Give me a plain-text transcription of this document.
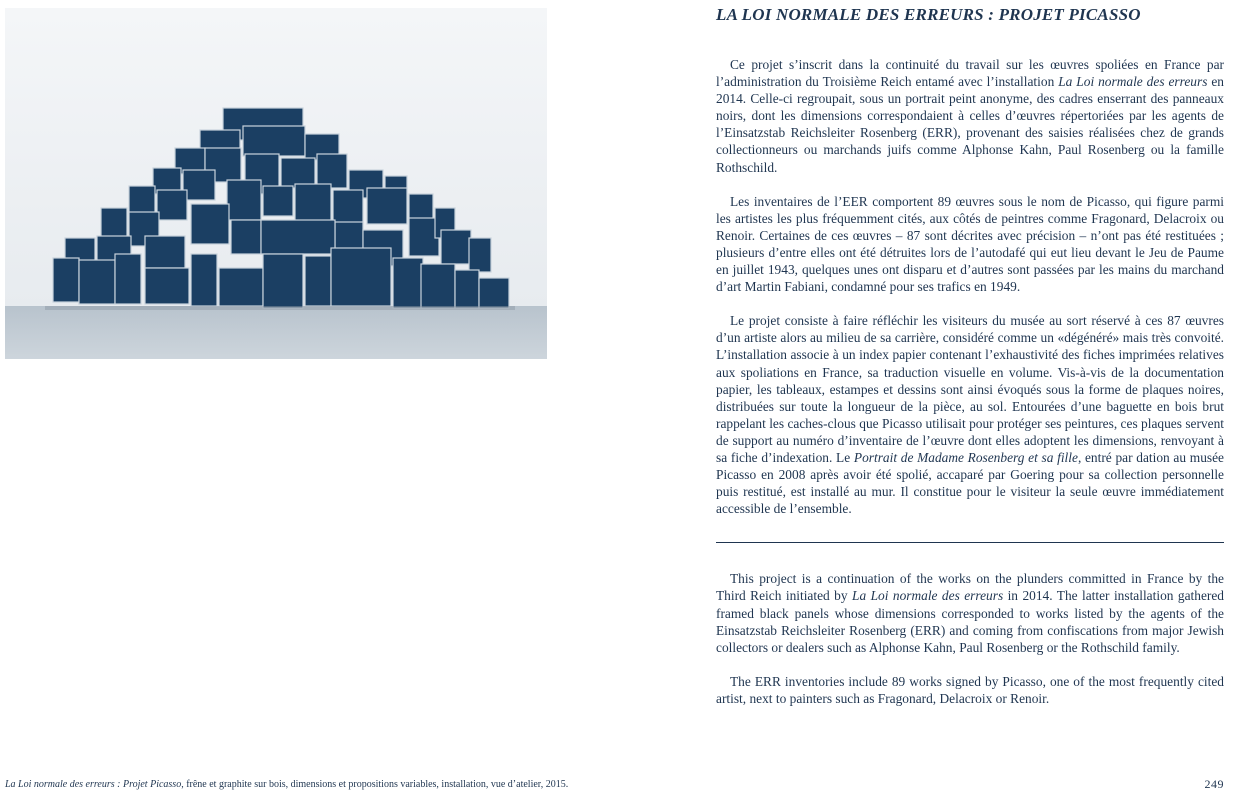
LA LOI NORMALE DES ERREURS : PROJET PICASSO

Ce projet s’inscrit dans la continuité du travail sur les œuvres spoliées en France par l’administration du Troisième Reich entamé avec l’installation La Loi normale des erreurs en 2014. Celle-ci regroupait, sous un portrait peint anonyme, des cadres enserrant des panneaux noirs, dont les dimensions correspondaient à celles d’œuvres répertoriées par les agents de l’Einsatzstab Reichsleiter Rosenberg (ERR), provenant des saisies réalisées chez de grands collectionneurs ou marchands juifs comme Alphonse Kahn, Paul Rosenberg ou la famille Rothschild.

Les inventaires de l’EER comportent 89 œuvres sous le nom de Picasso, qui figure parmi les artistes les plus fréquemment cités, aux côtés de peintres comme Fragonard, Delacroix ou Renoir. Certaines de ces œuvres – 87 sont décrites avec précision – n’ont pas été restituées ; plusieurs d’entre elles ont été détruites lors de l’autodafé qui eut lieu devant le Jeu de Paume en juillet 1943, quelques unes ont disparu et d’autres sont passées par les mains du marchand d’art Martin Fabiani, condamné pour ses trafics en 1949.

Le projet consiste à faire réfléchir les visiteurs du musée au sort réservé à ces 87 œuvres d’un artiste alors au milieu de sa carrière, considéré comme un «dégénéré» mais très convoité. L’installation associe à un index papier contenant l’exhaustivité des fiches imprimées relatives aux spoliations en France, sa traduction visuelle en volume. Vis-à-vis de la documentation papier, les tableaux, estampes et dessins sont ainsi évoqués sous la forme de plaques noires, distribuées sur toute la longueur de la pièce, au sol. Entourées d’une baguette en bois brut rappelant les caches-clous que Picasso utilisait pour protéger ses peintures, ces plaques servent de support au numéro d’inventaire de l’œuvre dont elles adoptent les dimensions, renvoyant à sa fiche d’indexation. Le Portrait de Madame Rosenberg et sa fille, entré par dation au musée Picasso en 2008 après avoir été spolié, accaparé par Goering pour sa collection personnelle puis restitué, est installé au mur. Il constitue pour le visiteur la seule œuvre immédiatement accessible de l’ensemble.

This project is a continuation of the works on the plunders committed in France by the Third Reich initiated by La Loi normale des erreurs in 2014. The latter installation gathered framed black panels whose dimensions corresponded to works listed by the agents of the Einsatzstab Reichsleiter Rosenberg (ERR) and coming from confiscations from major Jewish collectors or dealers such as Alphonse Kahn, Paul Rosenberg or the Rothschild family.

The ERR inventories include 89 works signed by Picasso, one of the most frequently cited artist, next to painters such as Fragonard, Delacroix or Renoir.

La Loi normale des erreurs : Projet Picasso, frêne et graphite sur bois, dimensions et propositions variables, installation, vue d’atelier, 2015.	249
